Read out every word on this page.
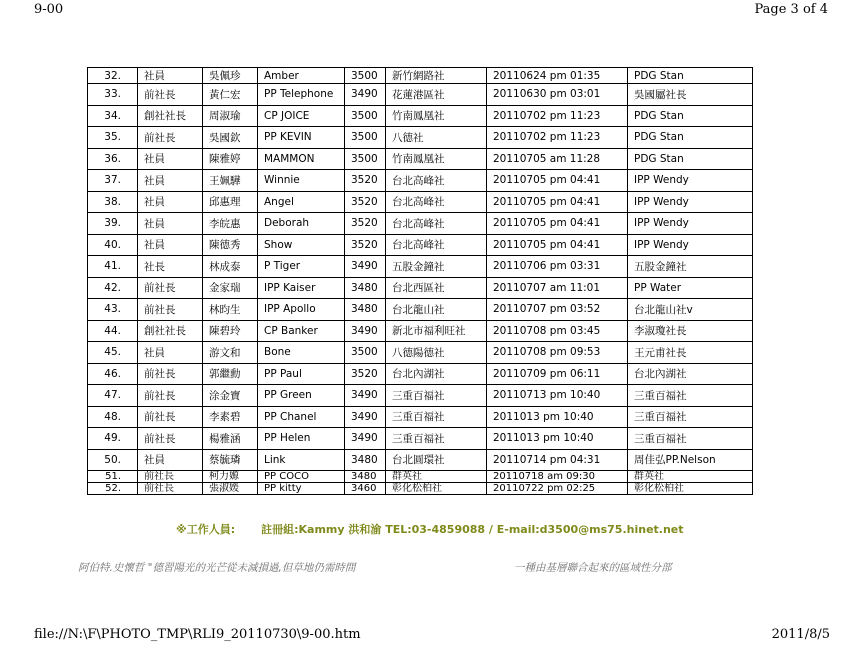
9-00	Page 3 of 4
32.	社員	吳佩珍	Amber	3500	新竹網路社	20110624 pm 01:35	PDG Stan
33.	前社長	黃仁宏	PP Telephone	3490	花蓮港區社	20110630 pm 03:01	吳國屬社長
34.	創社社長	周淑瑜	CP JOICE	3500	竹南鳳凰社	20110702 pm 11:23	PDG Stan
35.	前社長	吳國欽	PP KEVIN	3500	八德社	20110702 pm 11:23	PDG Stan
36.	社員	陳雅婷	MAMMON	3500	竹南鳳凰社	20110705 am 11:28	PDG Stan
37.	社員	王姵驊	Winnie	3520	台北高峰社	20110705 pm 04:41	IPP Wendy
38.	社員	邱惠理	Angel	3520	台北高峰社	20110705 pm 04:41	IPP Wendy
39.	社員	李皖惠	Deborah	3520	台北高峰社	20110705 pm 04:41	IPP Wendy
40.	社員	陳德秀	Show	3520	台北高峰社	20110705 pm 04:41	IPP Wendy
41.	社長	林成泰	P Tiger	3490	五股金鐘社	20110706 pm 03:31	五股金鐘社
42.	前社長	金家瑞	IPP Kaiser	3480	台北西區社	20110707 am 11:01	PP Water
43.	前社長	林昀生	IPP Apollo	3480	台北龍山社	20110707 pm 03:52	台北龍山社v
44.	創社社長	陳碧玲	CP Banker	3490	新北市福利旺社	20110708 pm 03:45	李淑瓊社長
45.	社員	游文和	Bone	3500	八德陽德社	20110708 pm 09:53	王元甫社長
46.	前社長	郭繼勳	PP Paul	3520	台北內湖社	20110709 pm 06:11	台北內湖社
47.	前社長	涂金寶	PP Green	3490	三重百福社	20110713 pm 10:40	三重百福社
48.	前社長	李素碧	PP Chanel	3490	三重百福社	2011013 pm 10:40	三重百福社
49.	前社長	楊雅涵	PP Helen	3490	三重百福社	2011013 pm 10:40	三重百福社
50.	社員	蔡毓璘	Link	3480	台北圓環社	20110714 pm 04:31	周佳弘PP.Nelson
51.	前社長	柯力嫄	PP COCO	3480	群英社	20110718 am 09:30	群英社
52.	前社長	張淑媛	PP kitty	3460	彰化松柏社	20110722 pm 02:25	彰化松柏社
※工作人員: 註冊組:Kammy 洪和渝 TEL:03-4859088 / E-mail:d3500@ms75.hinet.net
阿伯特.史懷哲 "德習陽光的光芒從未減損過,但草地仍需時間	一種由基層聯合起來的區域性分部
file://N:\F\PHOTO_TMP\RLI9_20110730\9-00.htm	2011/8/5
